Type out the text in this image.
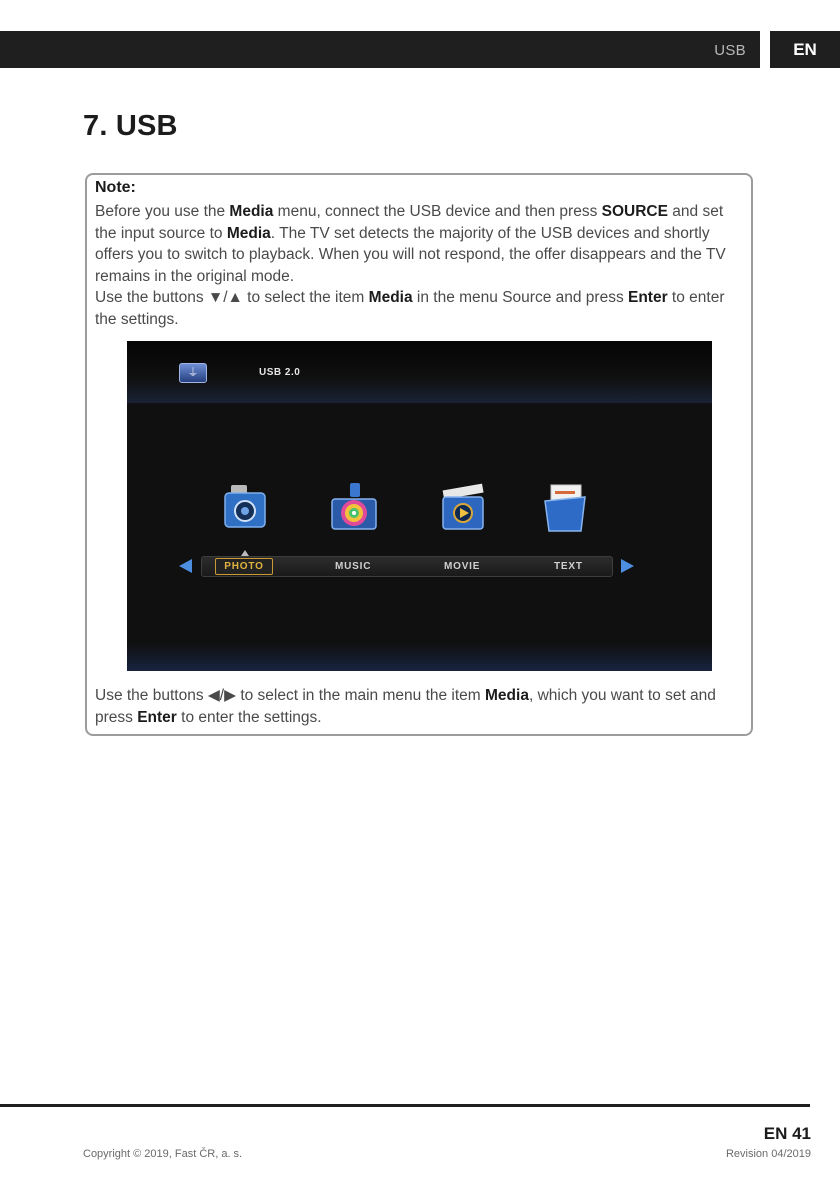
USB	EN
7. USB
Note:
Before you use the Media menu, connect the USB device and then press SOURCE and set the input source to Media. The TV set detects the majority of the USB devices and shortly offers you to switch to playback. When you will not respond, the offer disappears and the TV remains in the original mode.
Use the buttons ▼/▲ to select the item Media in the menu Source and press Enter to enter the settings.
⏚	USB 2.0
PHOTO	MUSIC	MOVIE	TEXT
Use the buttons ◀/▶ to select in the main menu the item Media, which you want to set and press Enter to enter the settings.
EN 41
Copyright © 2019, Fast ČR, a. s.	Revision 04/2019
